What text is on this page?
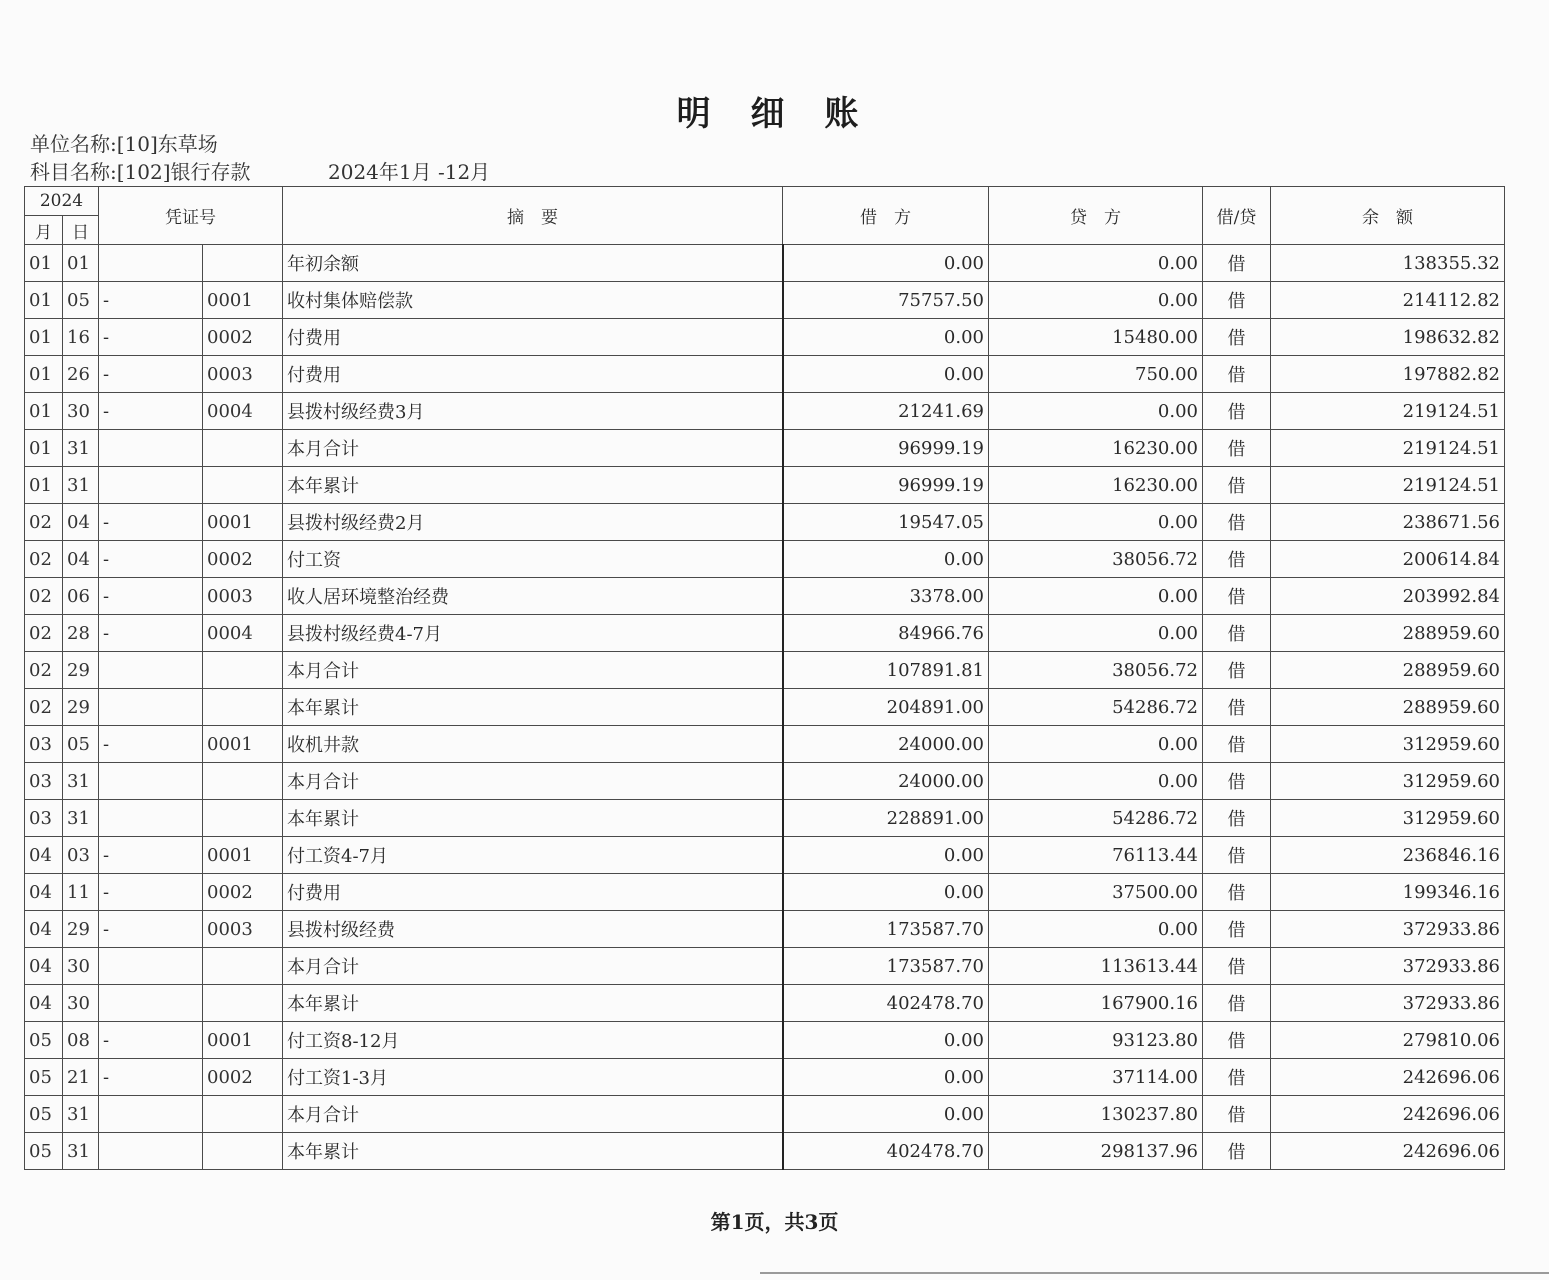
明 细 账
单位名称:[10]东草场
科目名称:[102]银行存款	2024年1月 -12月
2024		凭证号		摘　要	借　方	贷　方	借/贷	余　额
月	日							
01	01			年初余额	0.00	0.00	借	138355.32
01	05	-	0001	收村集体赔偿款	75757.50	0.00	借	214112.82
01	16	-	0002	付费用	0.00	15480.00	借	198632.82
01	26	-	0003	付费用	0.00	750.00	借	197882.82
01	30	-	0004	县拨村级经费3月	21241.69	0.00	借	219124.51
01	31			本月合计	96999.19	16230.00	借	219124.51
01	31			本年累计	96999.19	16230.00	借	219124.51
02	04	-	0001	县拨村级经费2月	19547.05	0.00	借	238671.56
02	04	-	0002	付工资	0.00	38056.72	借	200614.84
02	06	-	0003	收人居环境整治经费	3378.00	0.00	借	203992.84
02	28	-	0004	县拨村级经费4-7月	84966.76	0.00	借	288959.60
02	29			本月合计	107891.81	38056.72	借	288959.60
02	29			本年累计	204891.00	54286.72	借	288959.60
03	05	-	0001	收机井款	24000.00	0.00	借	312959.60
03	31			本月合计	24000.00	0.00	借	312959.60
03	31			本年累计	228891.00	54286.72	借	312959.60
04	03	-	0001	付工资4-7月	0.00	76113.44	借	236846.16
04	11	-	0002	付费用	0.00	37500.00	借	199346.16
04	29	-	0003	县拨村级经费	173587.70	0.00	借	372933.86
04	30			本月合计	173587.70	113613.44	借	372933.86
04	30			本年累计	402478.70	167900.16	借	372933.86
05	08	-	0001	付工资8-12月	0.00	93123.80	借	279810.06
05	21	-	0002	付工资1-3月	0.00	37114.00	借	242696.06
05	31			本月合计	0.00	130237.80	借	242696.06
05	31			本年累计	402478.70	298137.96	借	242696.06
第1页，共3页
